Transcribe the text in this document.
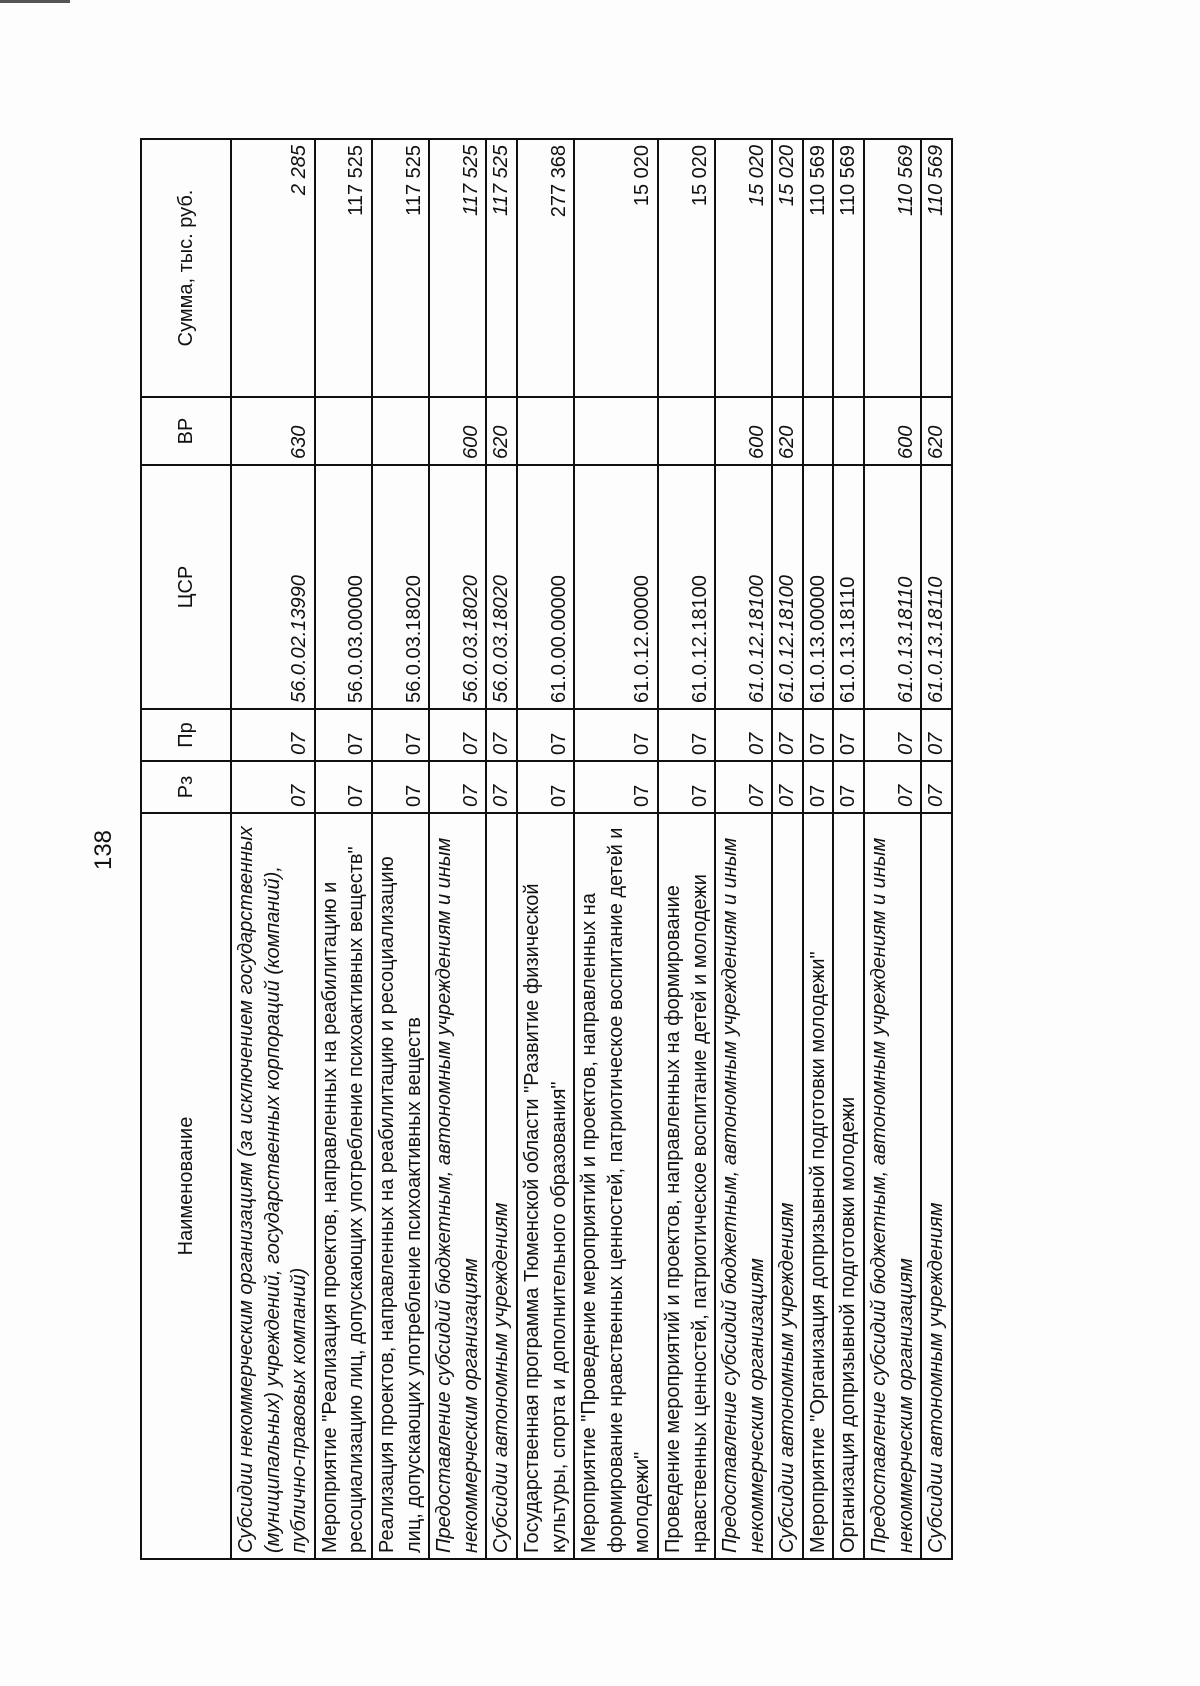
138
Наименование	Рз	Пр	ЦСР	ВР	Сумма, тыс. руб.
Субсидии некоммерческим организациям (за исключением государственных (муниципальных) учреждений, государственных корпораций (компаний), публично-правовых компаний)	07	07	56.0.02.13990	630	2 285
Мероприятие "Реализация проектов, направленных на реабилитацию и ресоциализацию лиц, допускающих употребление психоактивных веществ"	07	07	56.0.03.00000		117 525
Реализация проектов, направленных на реабилитацию и ресоциализацию лиц, допускающих употребление психоактивных веществ	07	07	56.0.03.18020		117 525
Предоставление субсидий бюджетным, автономным учреждениям и иным некоммерческим организациям	07	07	56.0.03.18020	600	117 525
Субсидии автономным учреждениям	07	07	56.0.03.18020	620	117 525
Государственная программа Тюменской области "Развитие физической культуры, спорта и дополнительного образования"	07	07	61.0.00.00000		277 368
Мероприятие "Проведение мероприятий и проектов, направленных на формирование нравственных ценностей, патриотическое воспитание детей и молодежи"	07	07	61.0.12.00000		15 020
Проведение мероприятий и проектов, направленных на формирование нравственных ценностей, патриотическое воспитание детей и молодежи	07	07	61.0.12.18100		15 020
Предоставление субсидий бюджетным, автономным учреждениям и иным некоммерческим организациям	07	07	61.0.12.18100	600	15 020
Субсидии автономным учреждениям	07	07	61.0.12.18100	620	15 020
Мероприятие "Организация допризывной подготовки молодежи"	07	07	61.0.13.00000		110 569
Организация допризывной подготовки молодежи	07	07	61.0.13.18110		110 569
Предоставление субсидий бюджетным, автономным учреждениям и иным некоммерческим организациям	07	07	61.0.13.18110	600	110 569
Субсидии автономным учреждениям	07	07	61.0.13.18110	620	110 569
